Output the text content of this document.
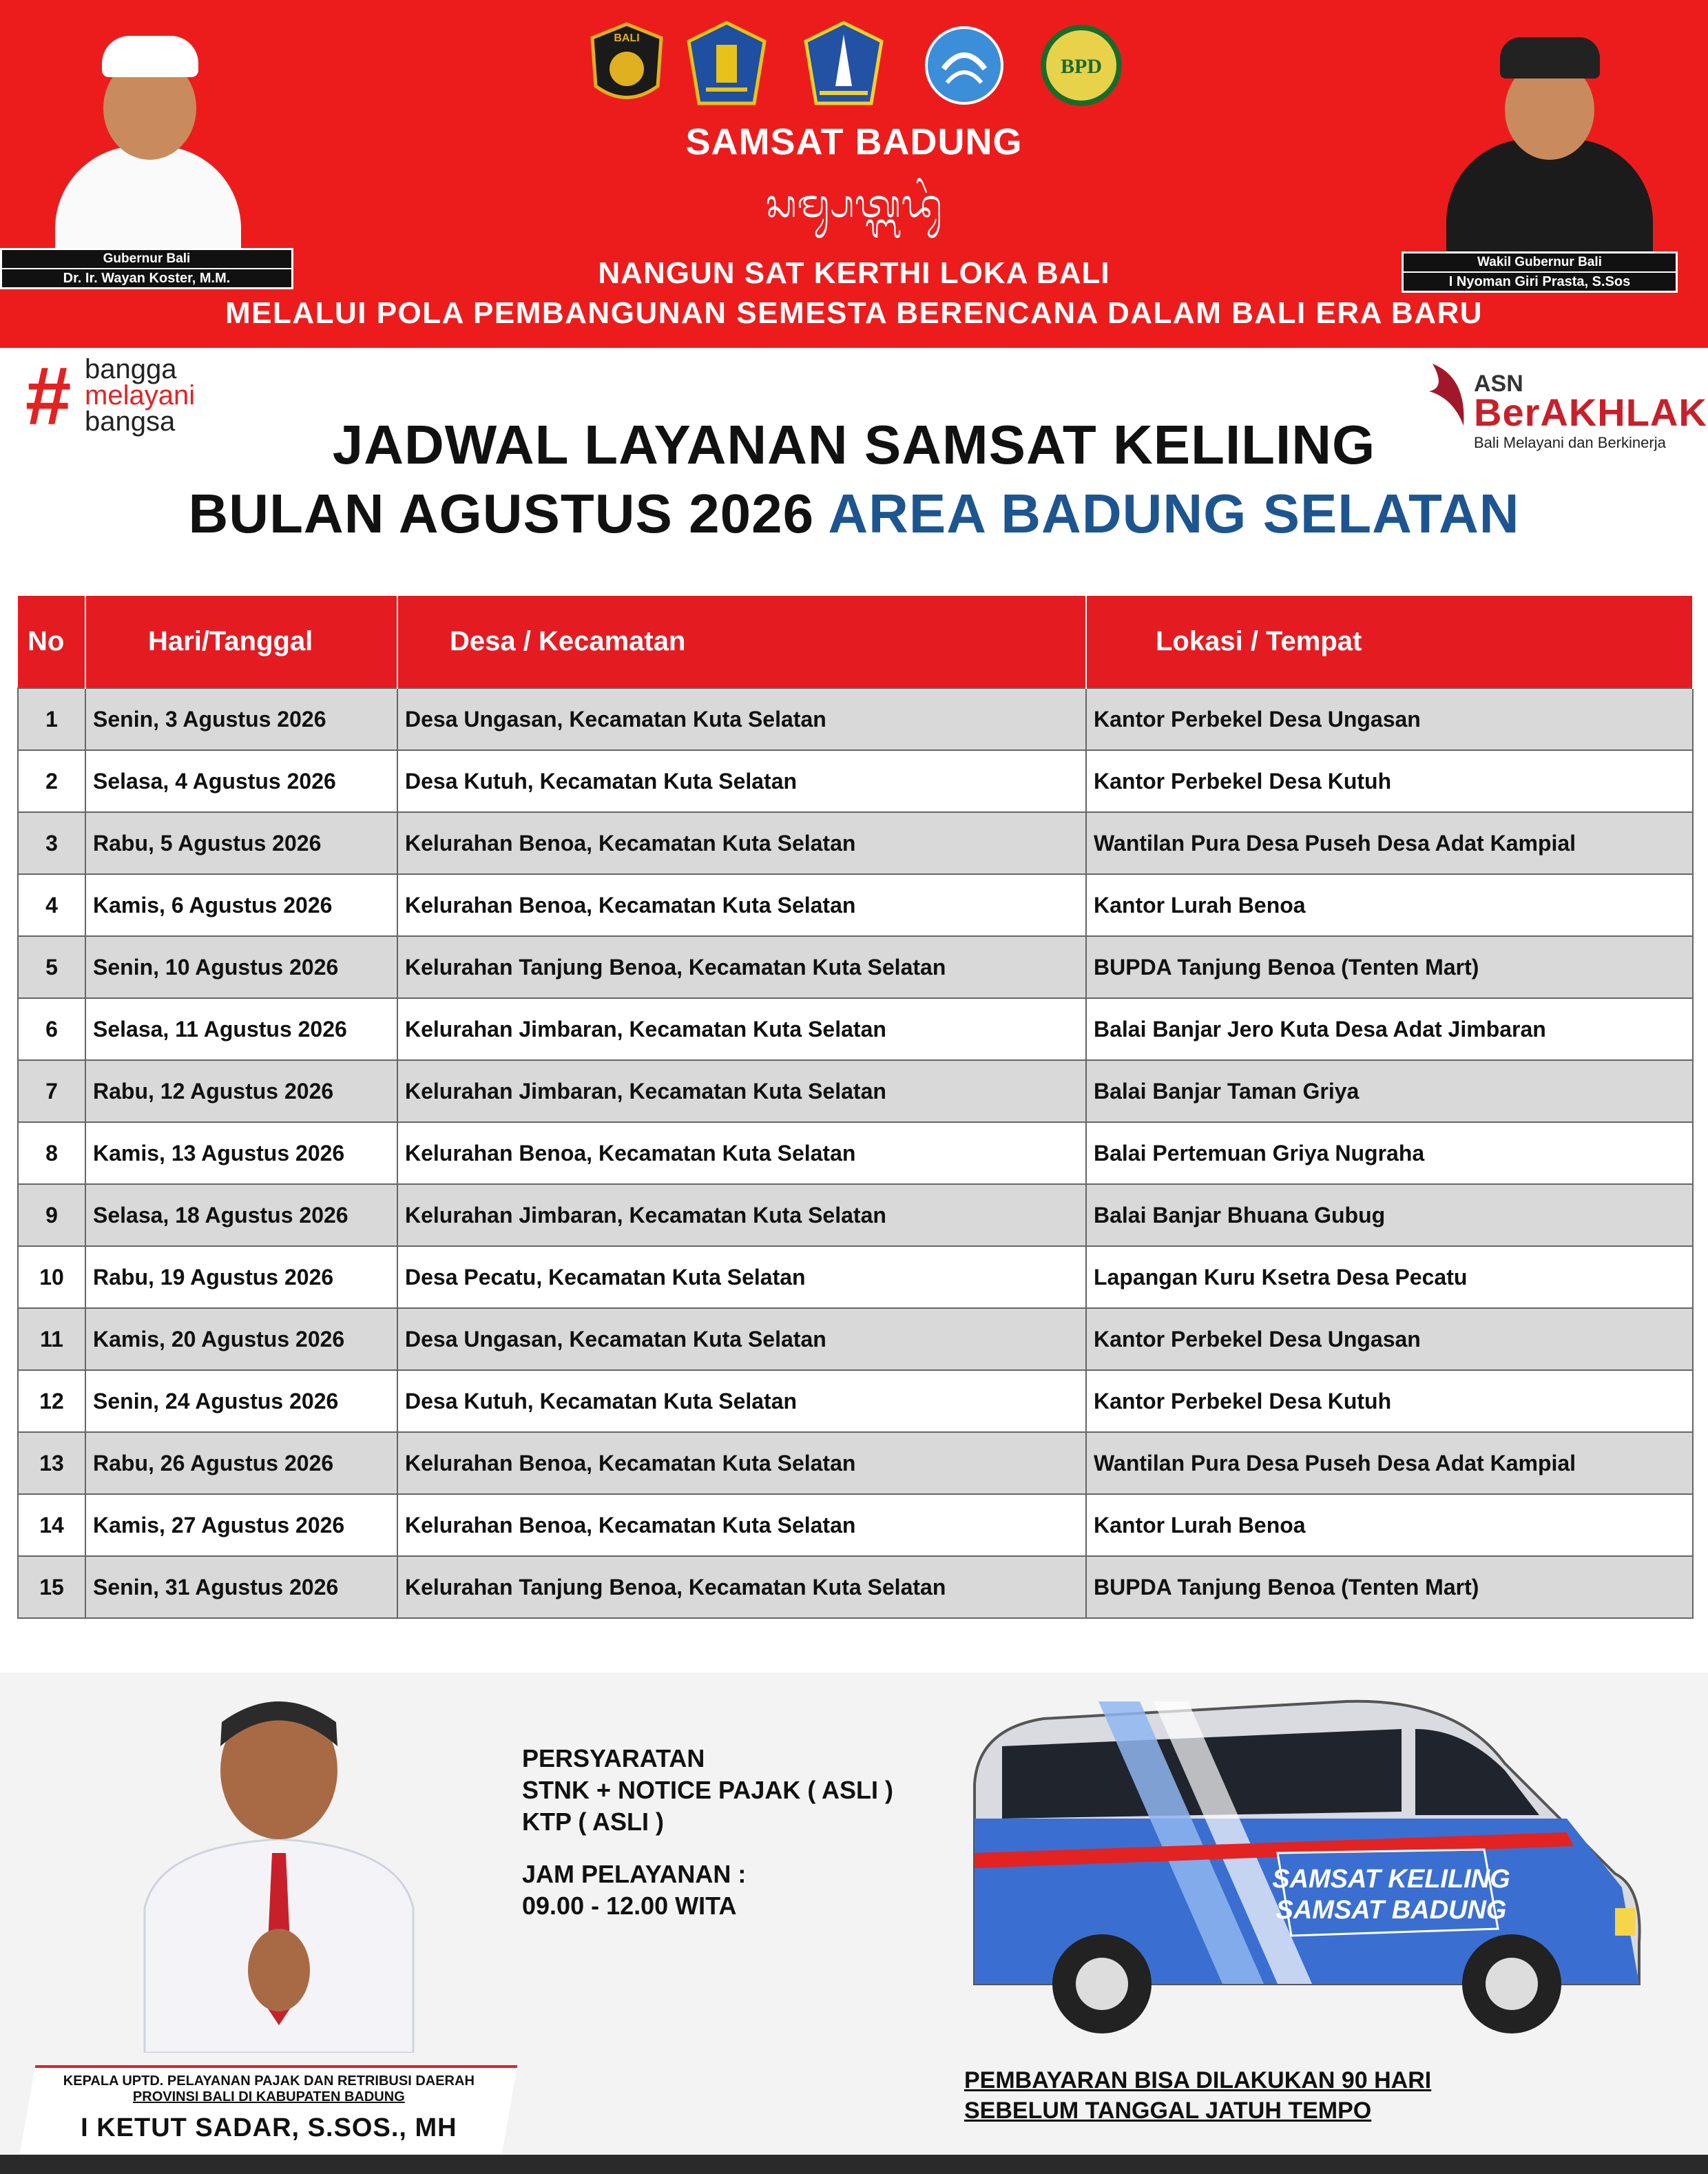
Gubernur Bali
Dr. Ir. Wayan Koster, M.M.
Wakil Gubernur Bali
I Nyoman Giri Prasta, S.Sos
BALI
BPD
SAMSAT BADUNG
ᬲᬫ᭄ᬲᬢ᭄ᬩᬤᬸᬂ
NANGUN SAT KERTHI LOKA BALI
MELALUI POLA PEMBANGUNAN SEMESTA BERENCANA DALAM BALI ERA BARU
# bangga
melayani
bangsa
ASN
BerAKHLAK
Bali Melayani dan Berkinerja
JADWAL LAYANAN SAMSAT KELILING
BULAN AGUSTUS 2026 AREA BADUNG SELATAN
No	Hari/Tanggal	Desa / Kecamatan	Lokasi / Tempat
1	Senin, 3 Agustus 2026	Desa Ungasan, Kecamatan Kuta Selatan	Kantor Perbekel Desa Ungasan
2	Selasa, 4 Agustus 2026	Desa Kutuh, Kecamatan Kuta Selatan	Kantor Perbekel Desa Kutuh
3	Rabu, 5 Agustus 2026	Kelurahan Benoa, Kecamatan Kuta Selatan	Wantilan Pura Desa Puseh Desa Adat Kampial
4	Kamis, 6 Agustus 2026	Kelurahan Benoa, Kecamatan Kuta Selatan	Kantor Lurah Benoa
5	Senin, 10 Agustus 2026	Kelurahan Tanjung Benoa, Kecamatan Kuta Selatan	BUPDA Tanjung Benoa (Tenten Mart)
6	Selasa, 11 Agustus 2026	Kelurahan Jimbaran, Kecamatan Kuta Selatan	Balai Banjar Jero Kuta Desa Adat Jimbaran
7	Rabu, 12 Agustus 2026	Kelurahan Jimbaran, Kecamatan Kuta Selatan	Balai Banjar Taman Griya
8	Kamis, 13 Agustus 2026	Kelurahan Benoa, Kecamatan Kuta Selatan	Balai Pertemuan Griya Nugraha
9	Selasa, 18 Agustus 2026	Kelurahan Jimbaran, Kecamatan Kuta Selatan	Balai Banjar Bhuana Gubug
10	Rabu, 19 Agustus 2026	Desa Pecatu, Kecamatan Kuta Selatan	Lapangan Kuru Ksetra Desa Pecatu
11	Kamis, 20 Agustus 2026	Desa Ungasan, Kecamatan Kuta Selatan	Kantor Perbekel Desa Ungasan
12	Senin, 24 Agustus 2026	Desa Kutuh, Kecamatan Kuta Selatan	Kantor Perbekel Desa Kutuh
13	Rabu, 26 Agustus 2026	Kelurahan Benoa, Kecamatan Kuta Selatan	Wantilan Pura Desa Puseh Desa Adat Kampial
14	Kamis, 27 Agustus 2026	Kelurahan Benoa, Kecamatan Kuta Selatan	Kantor Lurah Benoa
15	Senin, 31 Agustus 2026	Kelurahan Tanjung Benoa, Kecamatan Kuta Selatan	BUPDA Tanjung Benoa (Tenten Mart)
KEPALA UPTD. PELAYANAN PAJAK DAN RETRIBUSI DAERAH
PROVINSI BALI DI KABUPATEN BADUNG
I KETUT SADAR, S.SOS., MH
PERSYARATAN
STNK + NOTICE PAJAK ( ASLI )
KTP ( ASLI )
JAM PELAYANAN :
09.00 - 12.00 WITA
SAMSAT KELILING
SAMSAT BADUNG
PEMBAYARAN BISA DILAKUKAN 90 HARI
SEBELUM TANGGAL JATUH TEMPO
